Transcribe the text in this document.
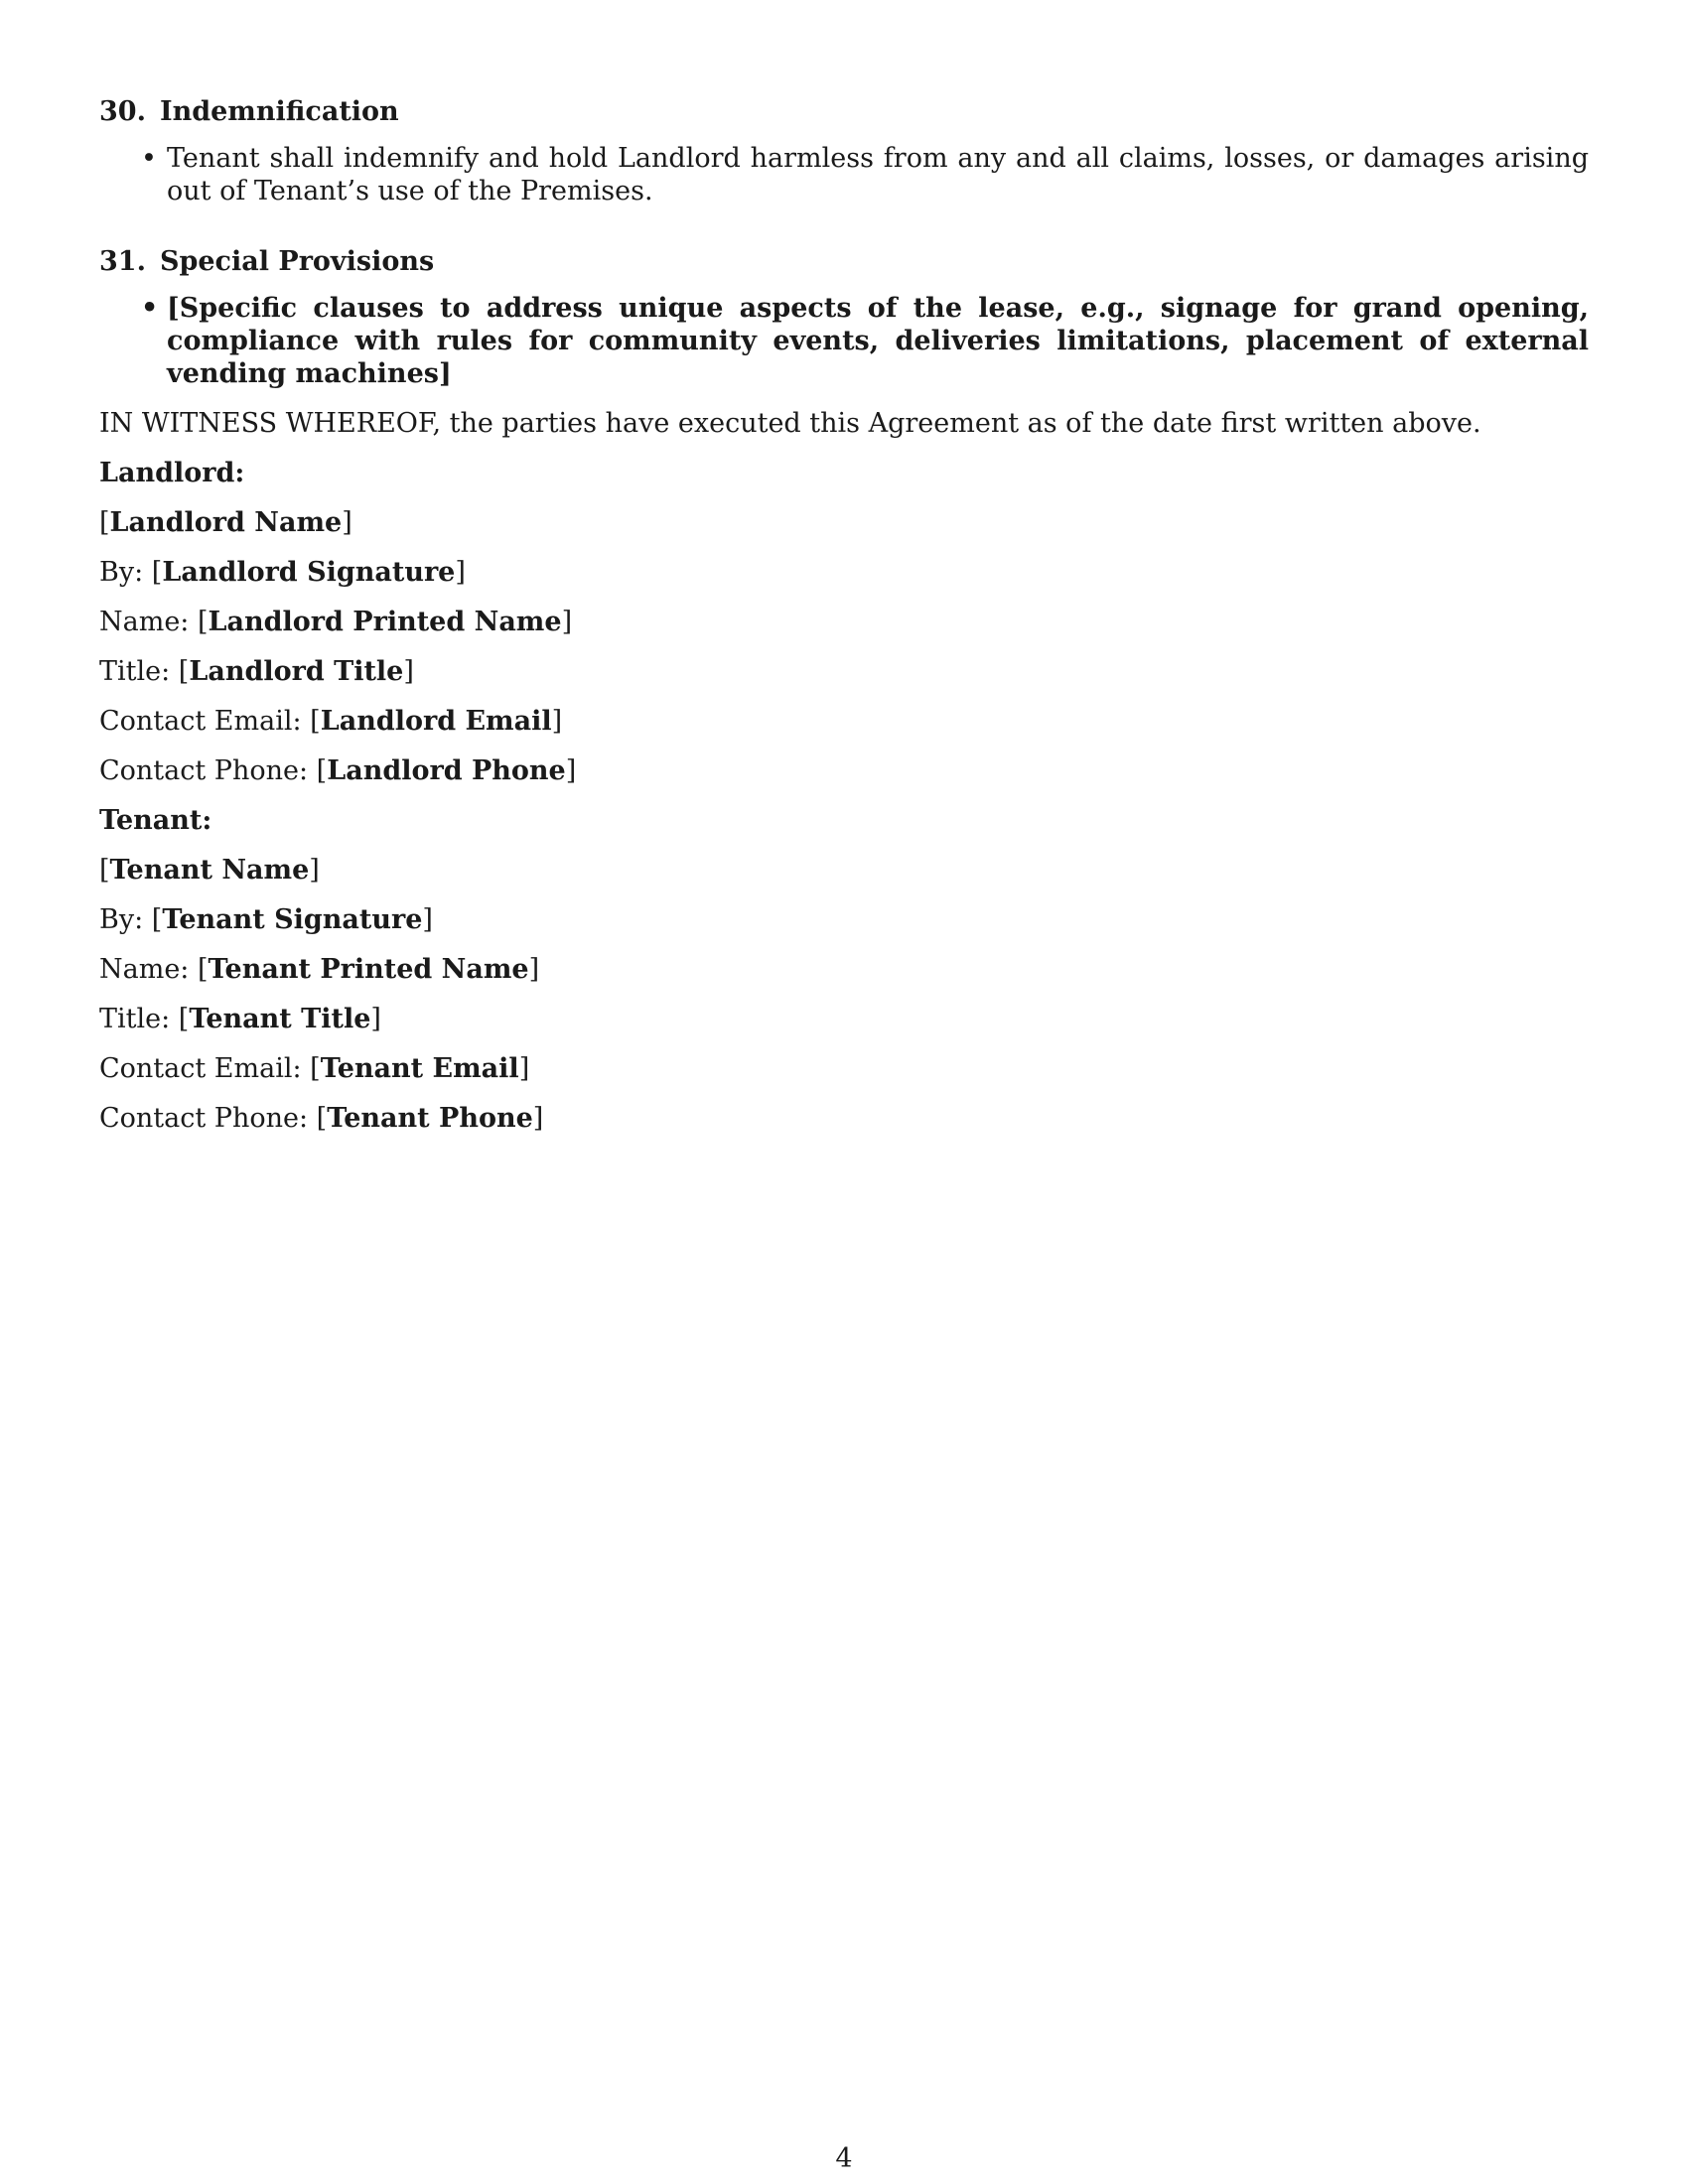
30. Indemnification

• Tenant shall indemnify and hold Landlord harmless from any and all claims, losses, or damages arising out of Tenant’s use of the Premises.

31. Special Provisions

• [Specific clauses to address unique aspects of the lease, e.g., signage for grand opening, compliance with rules for community events, deliveries limitations, placement of external vending machines]

IN WITNESS WHEREOF, the parties have executed this Agreement as of the date first written above.

Landlord:

[Landlord Name]

By: [Landlord Signature]

Name: [Landlord Printed Name]

Title: [Landlord Title]

Contact Email: [Landlord Email]

Contact Phone: [Landlord Phone]

Tenant:

[Tenant Name]

By: [Tenant Signature]

Name: [Tenant Printed Name]

Title: [Tenant Title]

Contact Email: [Tenant Email]

Contact Phone: [Tenant Phone]

4
